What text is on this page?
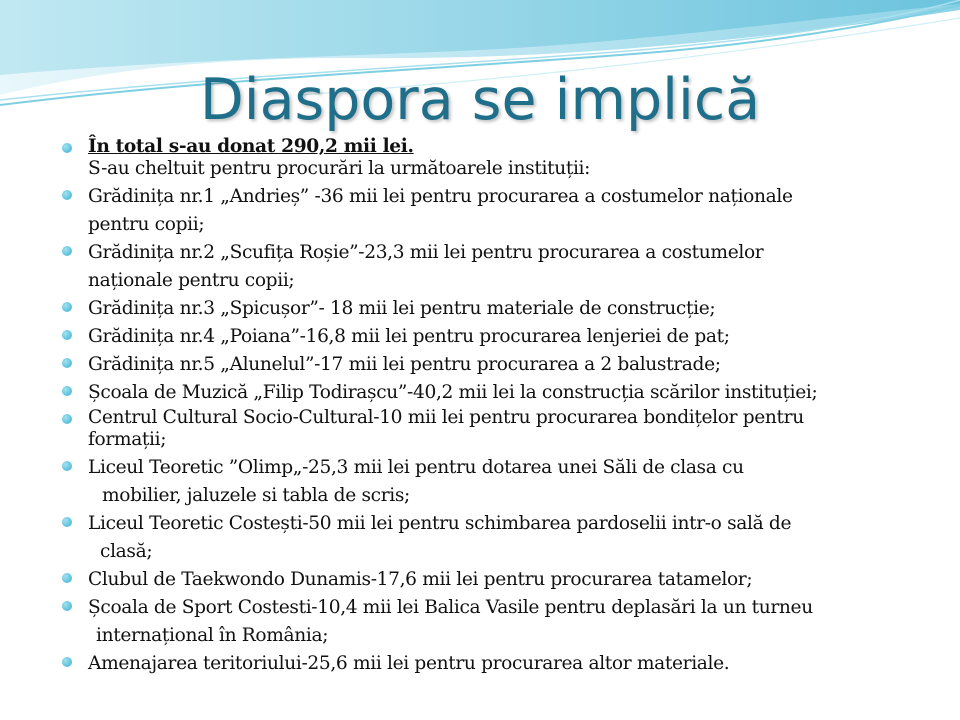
Diaspora se implică
În total s-au donat 290,2 mii lei.
S-au cheltuit pentru procurări la următoarele instituții:
Grădinița nr.1 „Andrieș” -36 mii lei pentru procurarea a costumelor naționale
pentru copii;
Grădinița nr.2 „Scufița Roșie”-23,3 mii lei pentru procurarea a costumelor
naționale pentru copii;
Grădinița nr.3 „Spicușor”- 18 mii lei pentru materiale de construcție;
Grădinița nr.4 „Poiana”-16,8 mii lei pentru procurarea lenjeriei de pat;
Grădinița nr.5 „Alunelul”-17 mii lei pentru procurarea a 2 balustrade;
Școala de Muzică „Filip Todirașcu”-40,2 mii lei la construcția scărilor instituției;
Centrul Cultural Socio-Cultural-10 mii lei pentru procurarea bondițelor pentru
formații;
Liceul Teoretic ”Olimp„-25,3 mii lei pentru dotarea unei Săli de clasa cu
mobilier, jaluzele si tabla de scris;
Liceul Teoretic Costești-50 mii lei pentru schimbarea pardoselii intr-o sală de
clasă;
Clubul de Taekwondo Dunamis-17,6 mii lei pentru procurarea tatamelor;
Școala de Sport Costesti-10,4 mii lei Balica Vasile pentru deplasări la un turneu
internațional în România;
Amenajarea teritoriului-25,6 mii lei pentru procurarea altor materiale.
